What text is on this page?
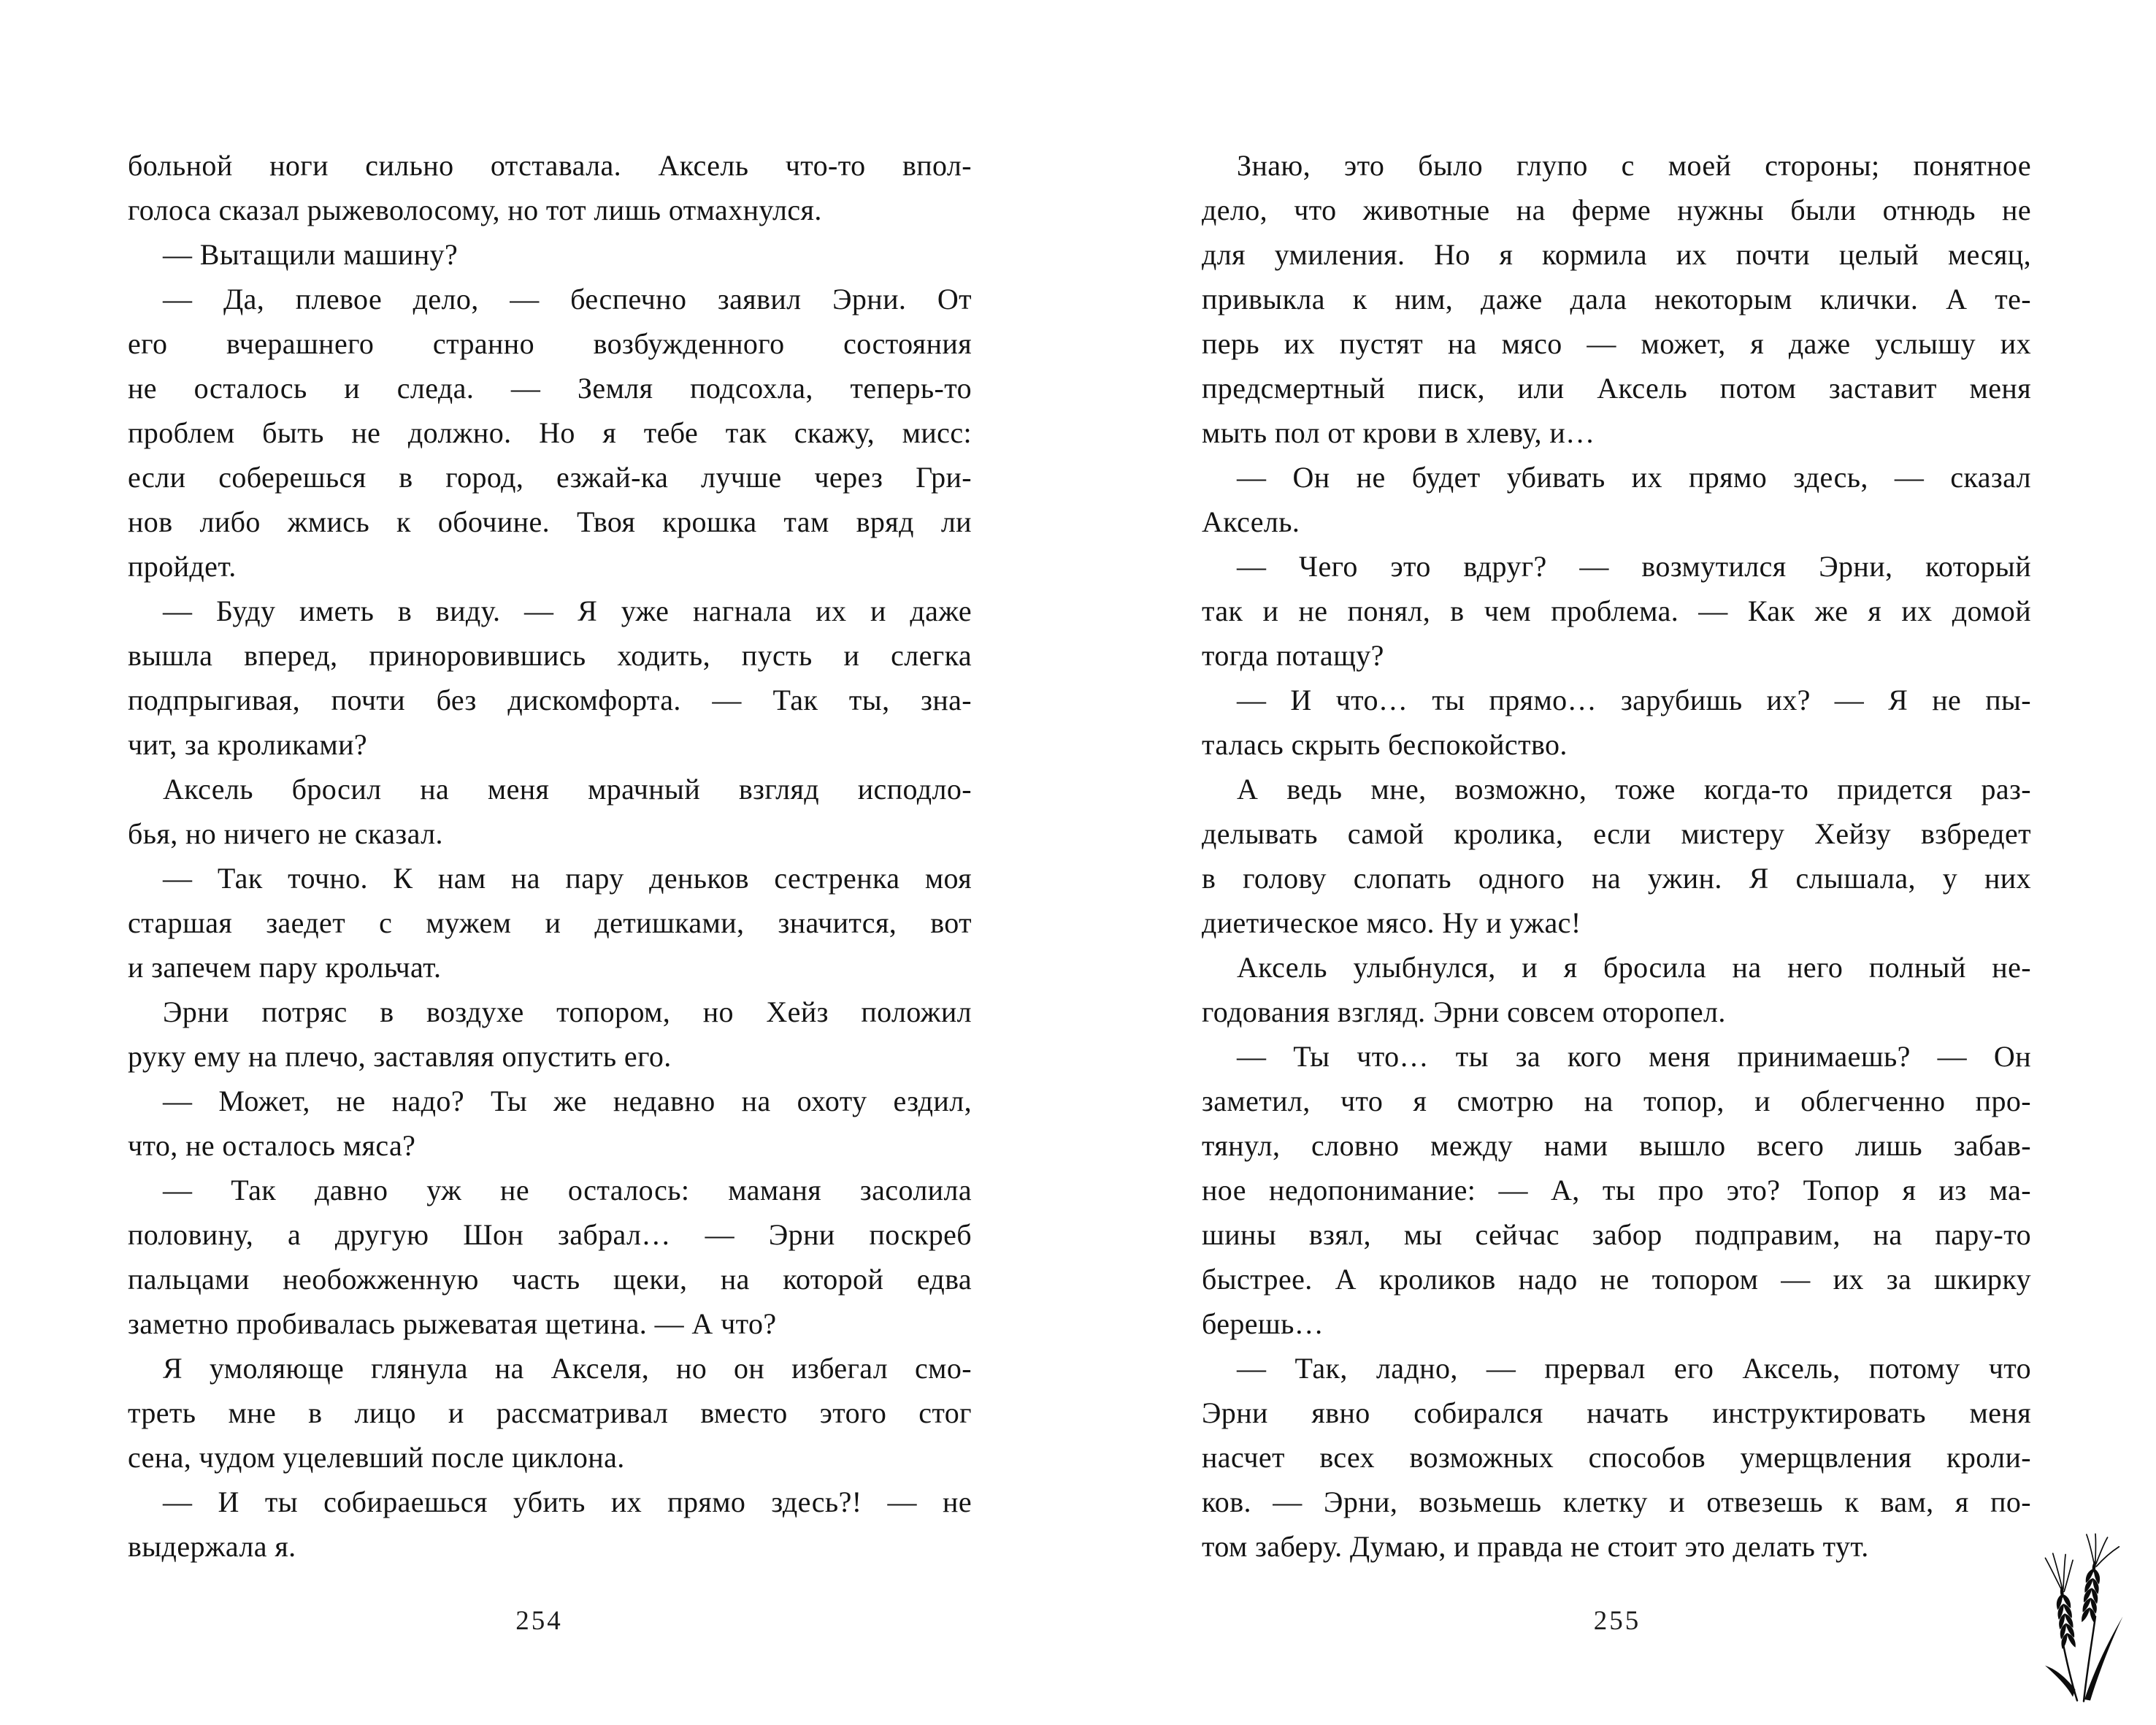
больной ноги сильно отставала. Аксель что-то впол-
голоса сказал рыжеволосому, но тот лишь отмахнулся.
— Вытащили машину?
— Да, плевое дело, — беспечно заявил Эрни. От
его вчерашнего странно возбужденного состояния
не осталось и следа. — Земля подсохла, теперь-то
проблем быть не должно. Но я тебе так скажу, мисс:
если соберешься в город, езжай-ка лучше через Гри-
нов либо жмись к обочине. Твоя крошка там вряд ли
пройдет.
— Буду иметь в виду. — Я уже нагнала их и даже
вышла вперед, приноровившись ходить, пусть и слегка
подпрыгивая, почти без дискомфорта. — Так ты, зна-
чит, за кроликами?
Аксель бросил на меня мрачный взгляд исподло-
бья, но ничего не сказал.
— Так точно. К нам на пару деньков сестренка моя
старшая заедет с мужем и детишками, значится, вот
и запечем пару крольчат.
Эрни потряс в воздухе топором, но Хейз положил
руку ему на плечо, заставляя опустить его.
— Может, не надо? Ты же недавно на охоту ездил,
что, не осталось мяса?
— Так давно уж не осталось: маманя засолила
половину, а другую Шон забрал… — Эрни поскреб
пальцами необожженную часть щеки, на которой едва
заметно пробивалась рыжеватая щетина. — А что?
Я умоляюще глянула на Акселя, но он избегал смо-
треть мне в лицо и рассматривал вместо этого стог
сена, чудом уцелевший после циклона.
— И ты собираешься убить их прямо здесь?! — не
выдержала я.
254
Знаю, это было глупо с моей стороны; понятное
дело, что животные на ферме нужны были отнюдь не
для умиления. Но я кормила их почти целый месяц,
привыкла к ним, даже дала некоторым клички. А те-
перь их пустят на мясо — может, я даже услышу их
предсмертный писк, или Аксель потом заставит меня
мыть пол от крови в хлеву, и…
— Он не будет убивать их прямо здесь, — сказал
Аксель.
— Чего это вдруг? — возмутился Эрни, который
так и не понял, в чем проблема. — Как же я их домой
тогда потащу?
— И что… ты прямо… зарубишь их? — Я не пы-
талась скрыть беспокойство.
А ведь мне, возможно, тоже когда-то придется раз-
делывать самой кролика, если мистеру Хейзу взбредет
в голову слопать одного на ужин. Я слышала, у них
диетическое мясо. Ну и ужас!
Аксель улыбнулся, и я бросила на него полный не-
годования взгляд. Эрни совсем оторопел.
— Ты что… ты за кого меня принимаешь? — Он
заметил, что я смотрю на топор, и облегченно про-
тянул, словно между нами вышло всего лишь забав-
ное недопонимание: — А, ты про это? Топор я из ма-
шины взял, мы сейчас забор подправим, на пару-то
быстрее. А кроликов надо не топором — их за шкирку
берешь…
— Так, ладно, — прервал его Аксель, потому что
Эрни явно собирался начать инструктировать меня
насчет всех возможных способов умерщвления кроли-
ков. — Эрни, возьмешь клетку и отвезешь к вам, я по-
том заберу. Думаю, и правда не стоит это делать тут.
255
